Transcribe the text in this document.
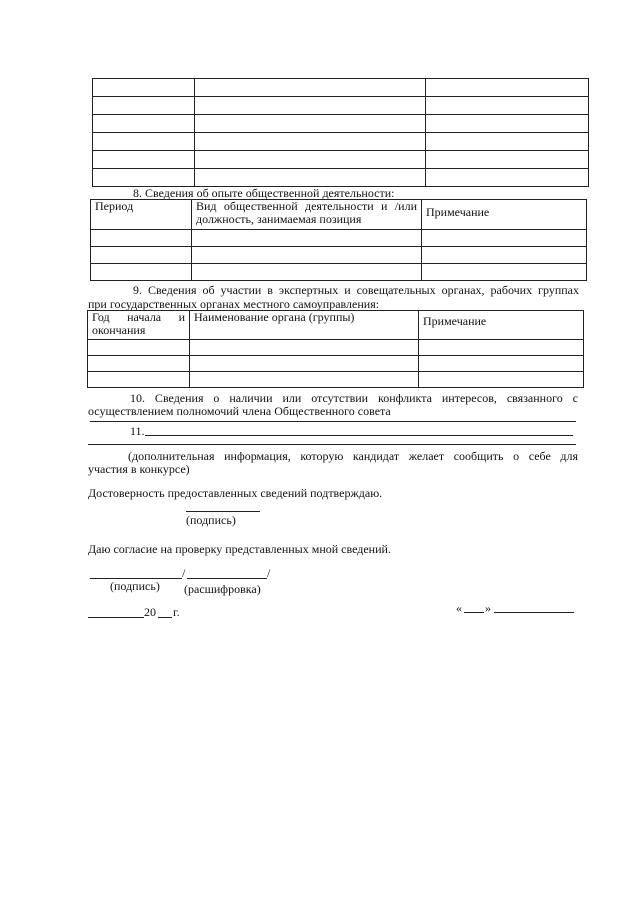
8. Сведения об опыте общественной деятельности:
Период	Вид общественной деятельности и /или должность, занимаемая позиция	Примечание

9. Сведения об участии в экспертных и совещательных органах, рабочих группах
при государственных органах местного самоуправления:
Год начала и окончания	Наименование органа (группы)	Примечание

10. Сведения о наличии или отсутствии конфликта интересов, связанного с
осуществлением полномочий члена Общественного совета
11.
(дополнительная информация, которую кандидат желает сообщить о себе для
участия в конкурсе)
Достоверность предоставленных сведений подтверждаю.
(подпись)
Даю согласие на проверку представленных мной сведений.
/	/
(подпись) (расшифровка)
20 г.	« »
